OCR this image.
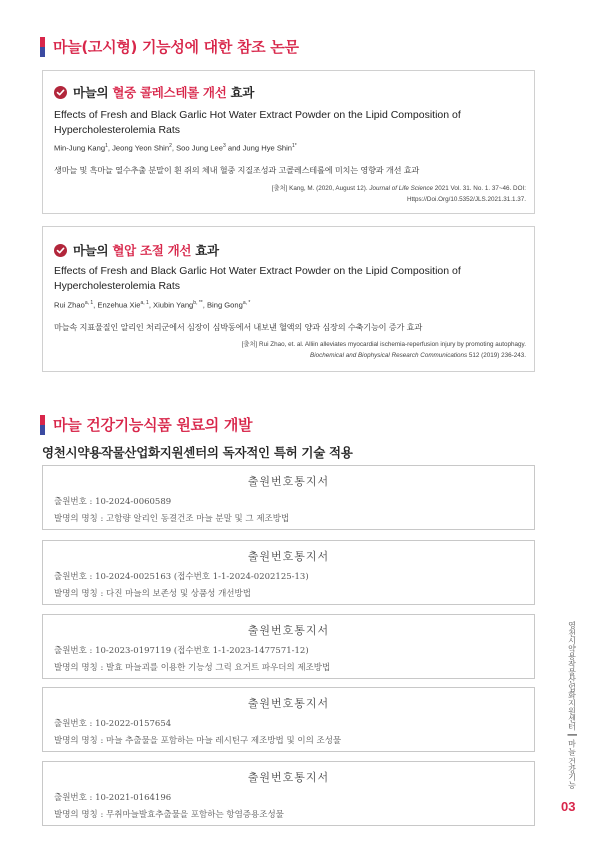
마늘(고시형) 기능성에 대한 참조 논문
마늘의 혈중 콜레스테롤 개선 효과
Effects of Fresh and Black Garlic Hot Water Extract Powder on the Lipid Composition of Hypercholesterolemia Rats
Min-Jung Kang$^1$, Jeong Yeon Shin$^2$, Soo Jung Lee$^3$ and Jung Hye Shin$^{1*}$
생마늘 및 흑마늘 열수추출 분말이 흰 쥐의 체내 혈중 지질조성과 고콜레스테롤에 미치는 영향과 개선 효과
[출처] Kang, M. (2020, August 12). Journal of Life Science 2021 Vol. 31. No. 1. 37~46. DOI:
Https://Doi.Org/10.5352/JLS.2021.31.1.37.
마늘의 혈압 조절 개선 효과
Effects of Fresh and Black Garlic Hot Water Extract Powder on the Lipid Composition of Hypercholesterolemia Rats
Rui Zhao$^{a, 1}$, Enzehua Xie$^{a, 1}$, Xiubin Yang$^{b, **}$, Bing Gong$^{a, *}$
마늘속 지표물질인 알리인 처리군에서 심장이 심박동에서 내보낸 혈액의 양과 심장의 수축기능이 증가 효과
[출처] Rui Zhao, et. al. Alliin alleviates myocardial ischemia-reperfusion injury by promoting autophagy.
Biochemical and Biophysical Research Communications 512 (2019) 236-243.
마늘 건강기능식품 원료의 개발
영천시약용작물산업화지원센터의 독자적인 특허 기술 적용
출원번호통지서
출원번호 : 10-2024-0060589
발명의 명칭 : 고함량 알리인 동결건조 마늘 분말 및 그 제조방법
출원번호통지서
출원번호 : 10-2024-0025163 (접수번호 1-1-2024-0202125-13)
발명의 명칭 : 다진 마늘의 보존성 및 상품성 개선방법
출원번호통지서
출원번호 : 10-2023-0197119 (접수번호 1-1-2023-1477571-12)
발명의 명칭 : 발효 마늘괴를 이용한 기능성 그릭 요거트 파우더의 제조방법
출원번호통지서
출원번호 : 10-2022-0157654
발명의 명칭 : 마늘 추출물을 포함하는 마늘 레시틴구 제조방법 및 이의 조성물
출원번호통지서
출원번호 : 10-2021-0164196
발명의 명칭 : 무취마늘발효추출물을 포함하는 항염증용조성물
영천시약용작물산업화지원센터 ┃ 마늘 건강기능
03
